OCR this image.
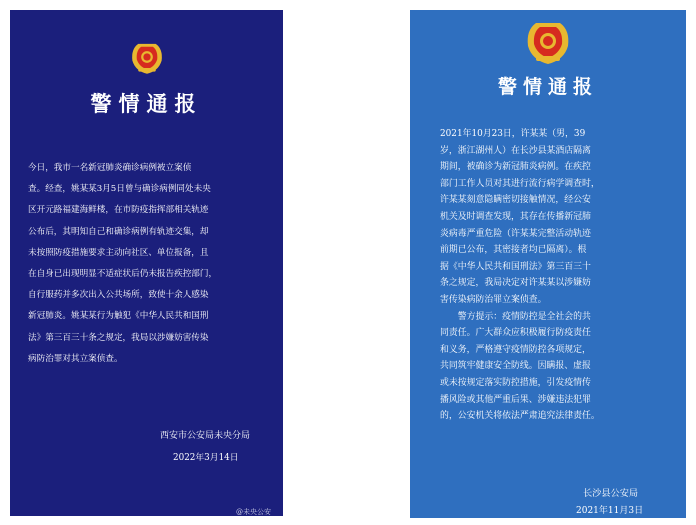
警情通报
今日，我市一名新冠肺炎确诊病例被立案侦
查。经查，姚某某3月5日曾与确诊病例同处未央
区开元路福建海鲜楼，在市防疫指挥部相关轨迹
公布后，其明知自己和确诊病例有轨迹交集，却
未按照防疫措施要求主动向社区、单位报备，且
在自身已出现明显不适症状后仍未报告疾控部门，
自行服药并多次出入公共场所，致使十余人感染
新冠肺炎。姚某某行为触犯《中华人民共和国刑
法》第三百三十条之规定，我局以涉嫌妨害传染
病防治罪对其立案侦查。
西安市公安局未央分局
2022年3月14日
@未央公安
警情通报
2021年10月23日，许某某（男，39
岁，浙江湖州人）在长沙县某酒店隔离
期间，被确诊为新冠肺炎病例。在疾控
部门工作人员对其进行流行病学调查时，
许某某刻意隐瞒密切接触情况，经公安
机关及时调查发现，其存在传播新冠肺
炎病毒严重危险（许某某完整活动轨迹
前期已公布，其密接者均已隔离）。根
据《中华人民共和国刑法》第三百三十
条之规定，我局决定对许某某以涉嫌妨
害传染病防治罪立案侦查。
　　警方提示：疫情防控是全社会的共
同责任。广大群众应积极履行防疫责任
和义务，严格遵守疫情防控各项规定，
共同筑牢健康安全防线。因瞒报、虚报
或未按规定落实防控措施，引发疫情传
播风险或其他严重后果、涉嫌违法犯罪
的，公安机关将依法严肃追究法律责任。
长沙县公安局
2021年11月3日
